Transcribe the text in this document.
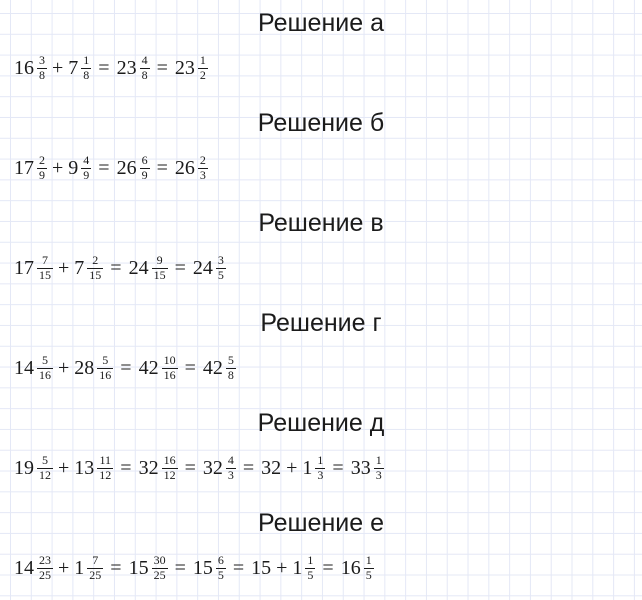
Решение а
$16 \frac{3}{8} + 7 \frac{1}{8} = 23 \frac{4}{8} = 23 \frac{1}{2}$
Решение б
$17 \frac{2}{9} + 9 \frac{4}{9} = 26 \frac{6}{9} = 26 \frac{2}{3}$
Решение в
$17 \frac{7}{15} + 7 \frac{2}{15} = 24 \frac{9}{15} = 24 \frac{3}{5}$
Решение г
$14 \frac{5}{16} + 28 \frac{5}{16} = 42 \frac{10}{16} = 42 \frac{5}{8}$
Решение д
$19 \frac{5}{12} + 13 \frac{11}{12} = 32 \frac{16}{12} = 32 \frac{4}{3} = 32 + 1 \frac{1}{3} = 33 \frac{1}{3}$
Решение е
$14 \frac{23}{25} + 1 \frac{7}{25} = 15 \frac{30}{25} = 15 \frac{6}{5} = 15 + 1 \frac{1}{5} = 16 \frac{1}{5}$
